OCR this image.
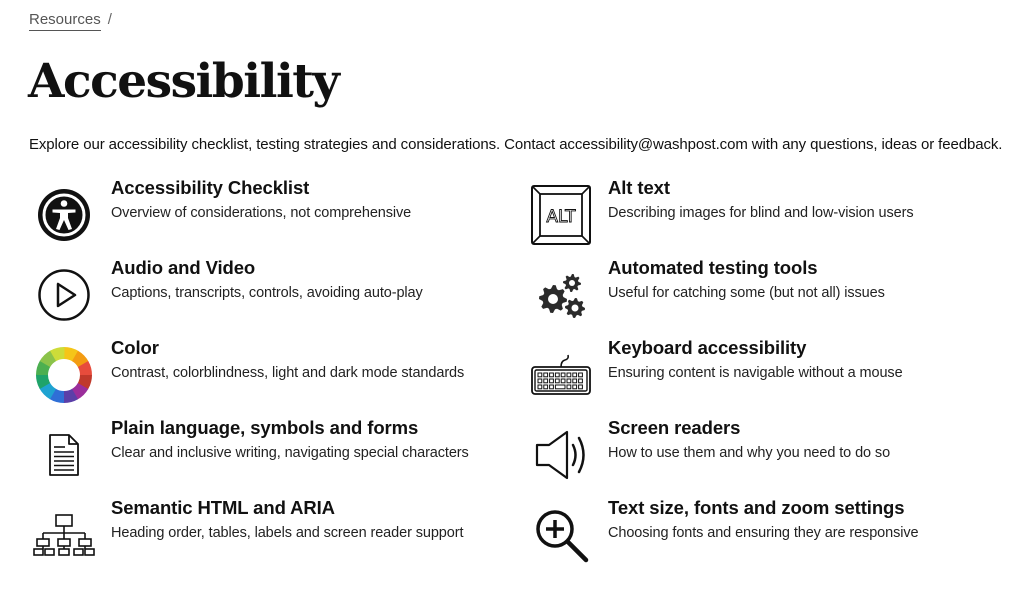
Resources /
Accessibility

Explore our accessibility checklist, testing strategies and considerations. Contact accessibility@washpost.com with any questions, ideas or feedback.

Accessibility Checklist
Overview of considerations, not comprehensive
Audio and Video
Captions, transcripts, controls, avoiding auto-play
Color
Contrast, colorblindness, light and dark mode standards
Plain language, symbols and forms
Clear and inclusive writing, navigating special characters
Semantic HTML and ARIA
Heading order, tables, labels and screen reader support
ALT
Alt text
Describing images for blind and low-vision users
Automated testing tools
Useful for catching some (but not all) issues
Keyboard accessibility
Ensuring content is navigable without a mouse
Screen readers
How to use them and why you need to do so
Text size, fonts and zoom settings
Choosing fonts and ensuring they are responsive
